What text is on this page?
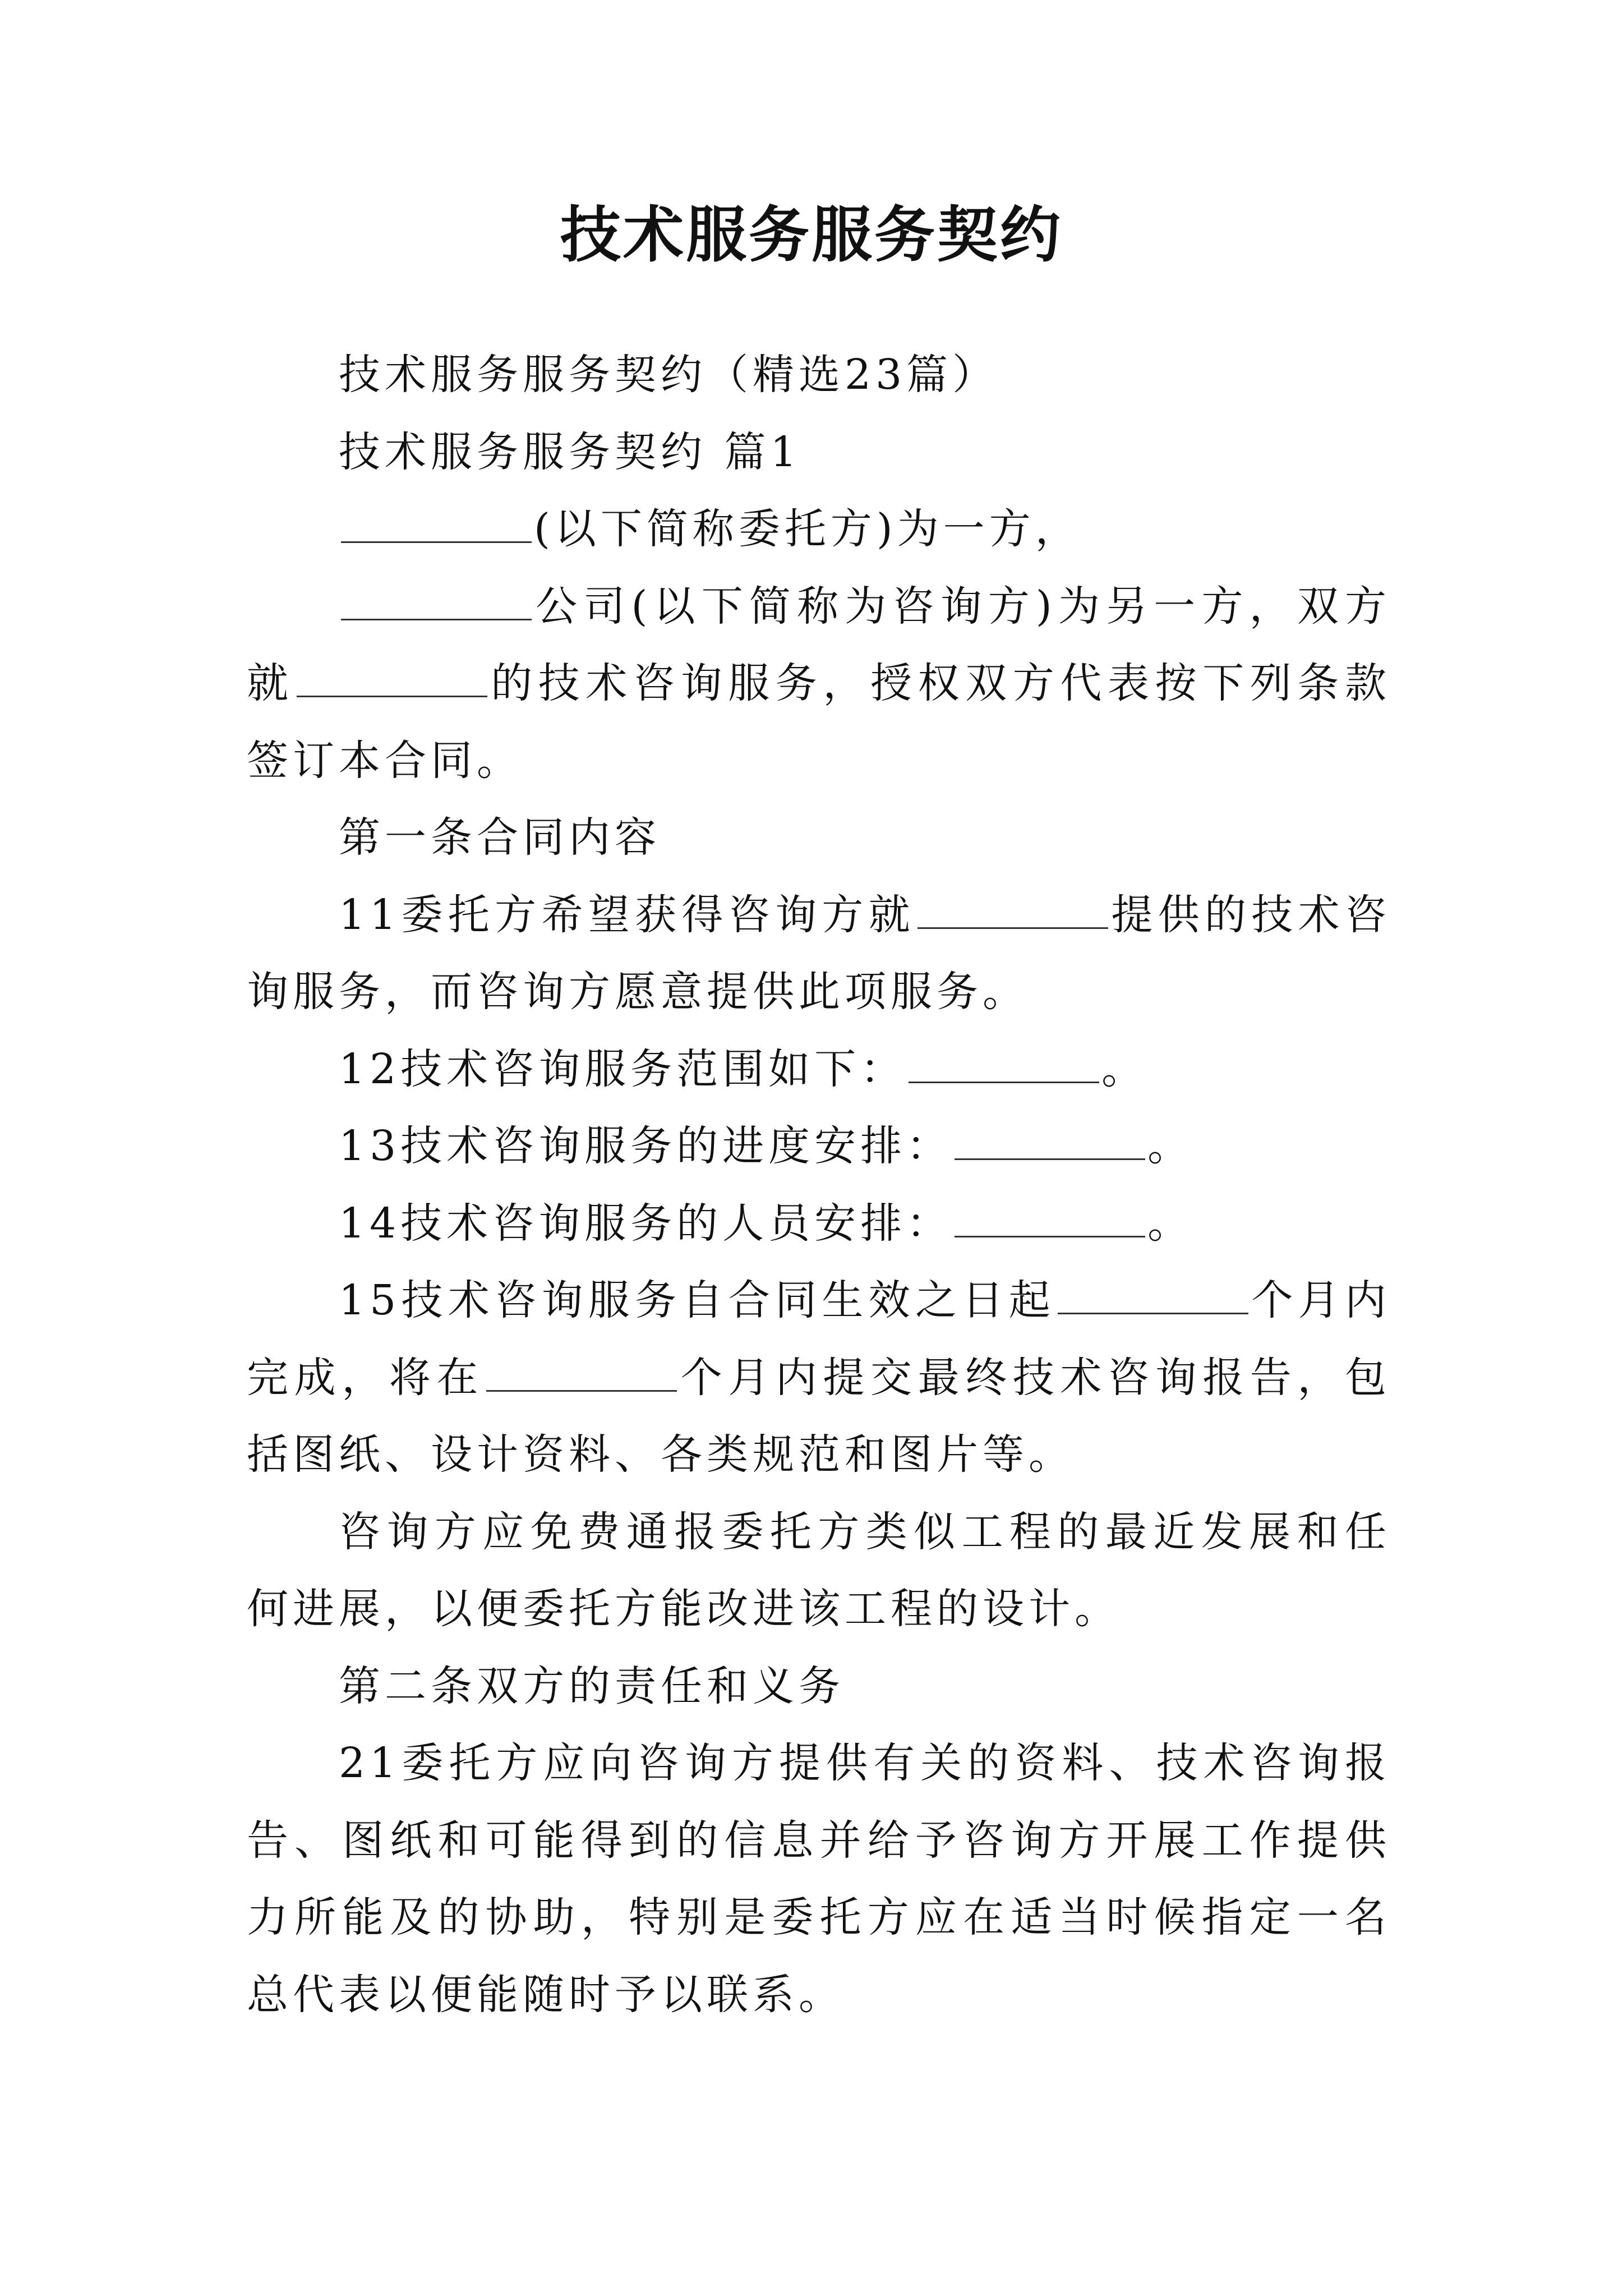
技术服务服务契约

技术服务服务契约（精选23篇）

技术服务服务契约 篇1

(以下简称委托方)为一方，

公司(以下简称为咨询方)为另一方，双方就	的技术咨询服务，授权双方代表按下列条款签订本合同。

第一条合同内容

11委托方希望获得咨询方就	提供的技术咨询服务，而咨询方愿意提供此项服务。

12技术咨询服务范围如下：	。

13技术咨询服务的进度安排：	。

14技术咨询服务的人员安排：	。

15技术咨询服务自合同生效之日起	个月内完成，将在	个月内提交最终技术咨询报告，包括图纸、设计资料、各类规范和图片等。

咨询方应免费通报委托方类似工程的最近发展和任何进展，以便委托方能改进该工程的设计。

第二条双方的责任和义务

21委托方应向咨询方提供有关的资料、技术咨询报告、图纸和可能得到的信息并给予咨询方开展工作提供力所能及的协助，特别是委托方应在适当时候指定一名总代表以便能随时予以联系。
